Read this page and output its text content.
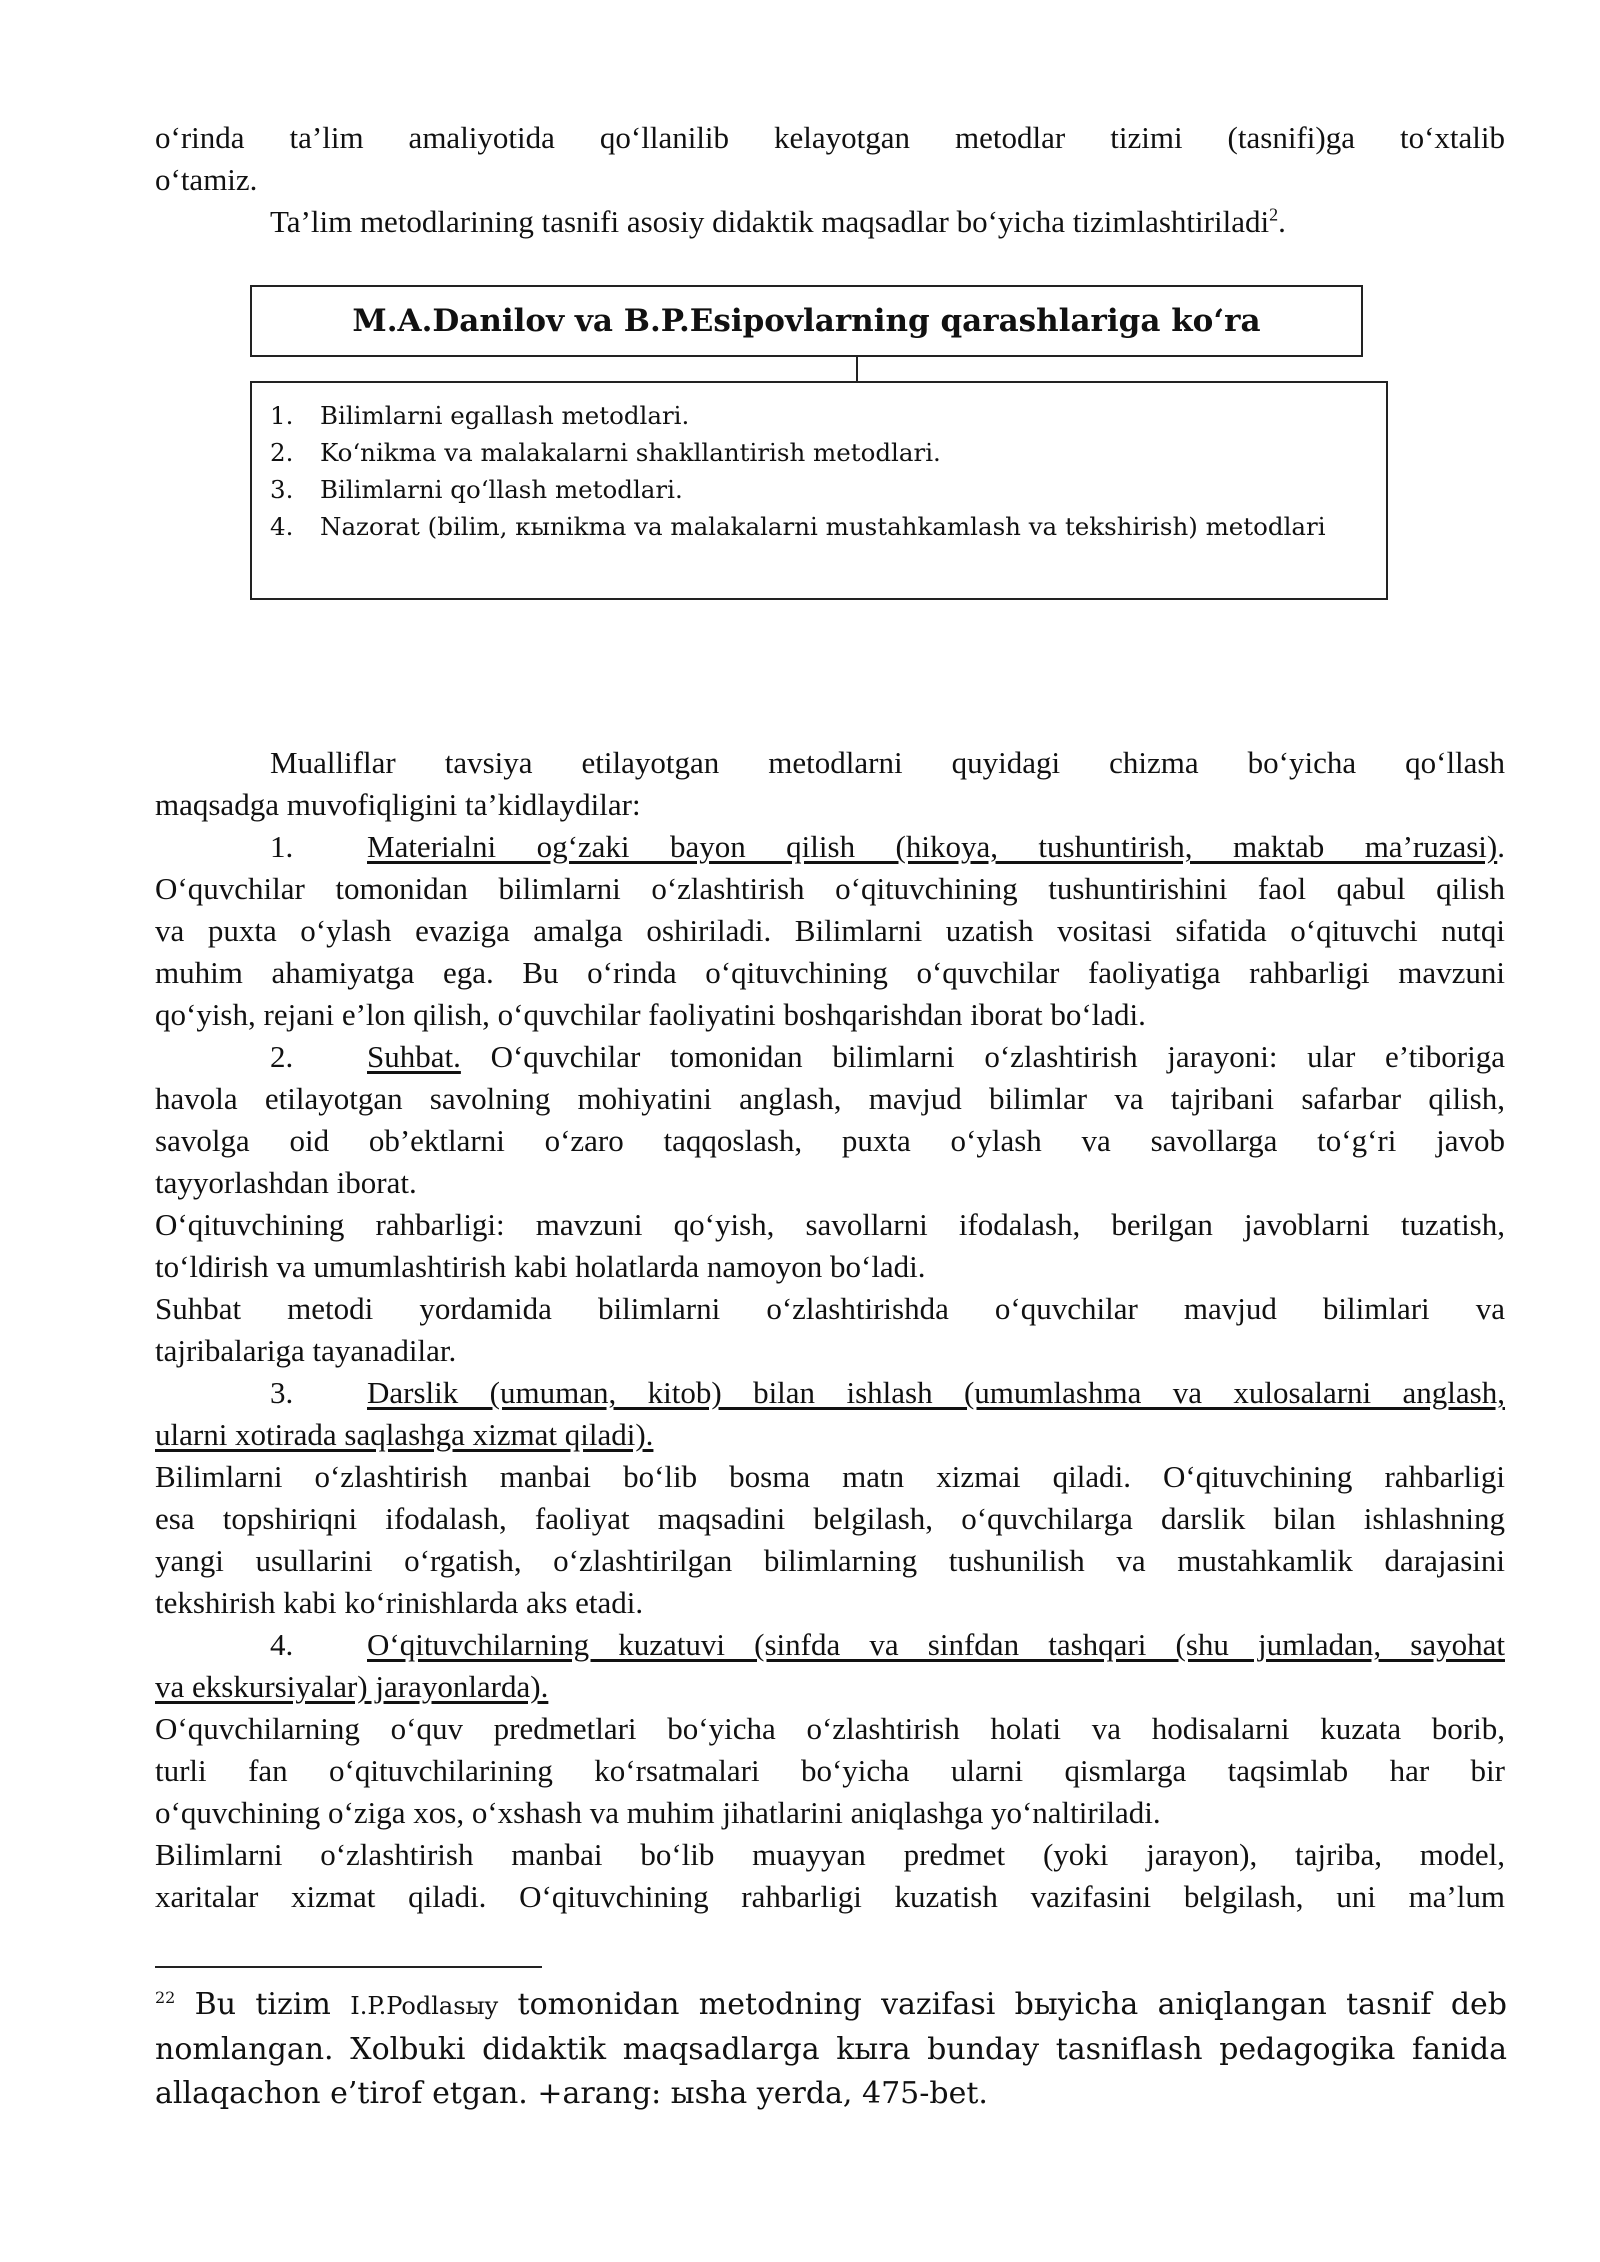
o‘rinda ta’lim amaliyotida qo‘llanilib kelayotgan metodlar tizimi (tasnifi)ga to‘xtalib
o‘tamiz.
Ta’lim metodlarining tasnifi asosiy didaktik maqsadlar bo‘yicha tizimlashtiriladi$^2$.
M.A.Danilov va B.P.Esipovlarning qarashlariga ko‘ra
1. Bilimlarni egallash metodlari.
2. Ko‘nikma va malakalarni shakllantirish metodlari.
3. Bilimlarni qo‘llash metodlari.
4. Nazorat (bilim, кыnikma va malakalarni mustahkamlash va tekshirish) metodlari
Mualliflar tavsiya etilayotgan metodlarni quyidagi chizma bo‘yicha qo‘llash
maqsadga muvofiqligini ta’kidlaydilar:
1. Materialni og‘zaki bayon qilish (hikoya, tushuntirish, maktab ma’ruzasi).
O‘quvchilar tomonidan bilimlarni o‘zlashtirish o‘qituvchining tushuntirishini faol qabul qilish
va puxta o‘ylash evaziga amalga oshiriladi. Bilimlarni uzatish vositasi sifatida o‘qituvchi nutqi
muhim ahamiyatga ega. Bu o‘rinda o‘qituvchining o‘quvchilar faoliyatiga rahbarligi mavzuni
qo‘yish, rejani e’lon qilish, o‘quvchilar faoliyatini boshqarishdan iborat bo‘ladi.
2. Suhbat. O‘quvchilar tomonidan bilimlarni o‘zlashtirish jarayoni: ular e’tiboriga
havola etilayotgan savolning mohiyatini anglash, mavjud bilimlar va tajribani safarbar qilish,
savolga oid ob’ektlarni o‘zaro taqqoslash, puxta o‘ylash va savollarga to‘g‘ri javob
tayyorlashdan iborat.
O‘qituvchining rahbarligi: mavzuni qo‘yish, savollarni ifodalash, berilgan javoblarni tuzatish,
to‘ldirish va umumlashtirish kabi holatlarda namoyon bo‘ladi.
Suhbat metodi yordamida bilimlarni o‘zlashtirishda o‘quvchilar mavjud bilimlari va
tajribalariga tayanadilar.
3. Darslik (umuman, kitob) bilan ishlash (umumlashma va xulosalarni anglash,
ularni xotirada saqlashga xizmat qiladi).
Bilimlarni o‘zlashtirish manbai bo‘lib bosma matn xizmai qiladi. O‘qituvchining rahbarligi
esa topshiriqni ifodalash, faoliyat maqsadini belgilash, o‘quvchilarga darslik bilan ishlashning
yangi usullarini o‘rgatish, o‘zlashtirilgan bilimlarning tushunilish va mustahkamlik darajasini
tekshirish kabi ko‘rinishlarda aks etadi.
4. O‘qituvchilarning kuzatuvi (sinfda va sinfdan tashqari (shu jumladan, sayohat
va ekskursiyalar) jarayonlarda).
O‘quvchilarning o‘quv predmetlari bo‘yicha o‘zlashtirish holati va hodisalarni kuzata borib,
turli fan o‘qituvchilarining ko‘rsatmalari bo‘yicha ularni qismlarga taqsimlab har bir
o‘quvchining o‘ziga xos, o‘xshash va muhim jihatlarini aniqlashga yo‘naltiriladi.
Bilimlarni o‘zlashtirish manbai bo‘lib muayyan predmet (yoki jarayon), tajriba, model,
xaritalar xizmat qiladi. O‘qituvchining rahbarligi kuzatish vazifasini belgilash, uni ma’lum
$^{22}$ Bu tizim I.P.Podlasыy tomonidan metodning vazifasi bыyicha aniqlangan tasnif deb
nomlangan. Xolbuki didaktik maqsadlarga kыra bunday tasniflash pedagogika fanida
allaqachon e’tirof etgan. +arang: ыsha yerda, 475-bet.
